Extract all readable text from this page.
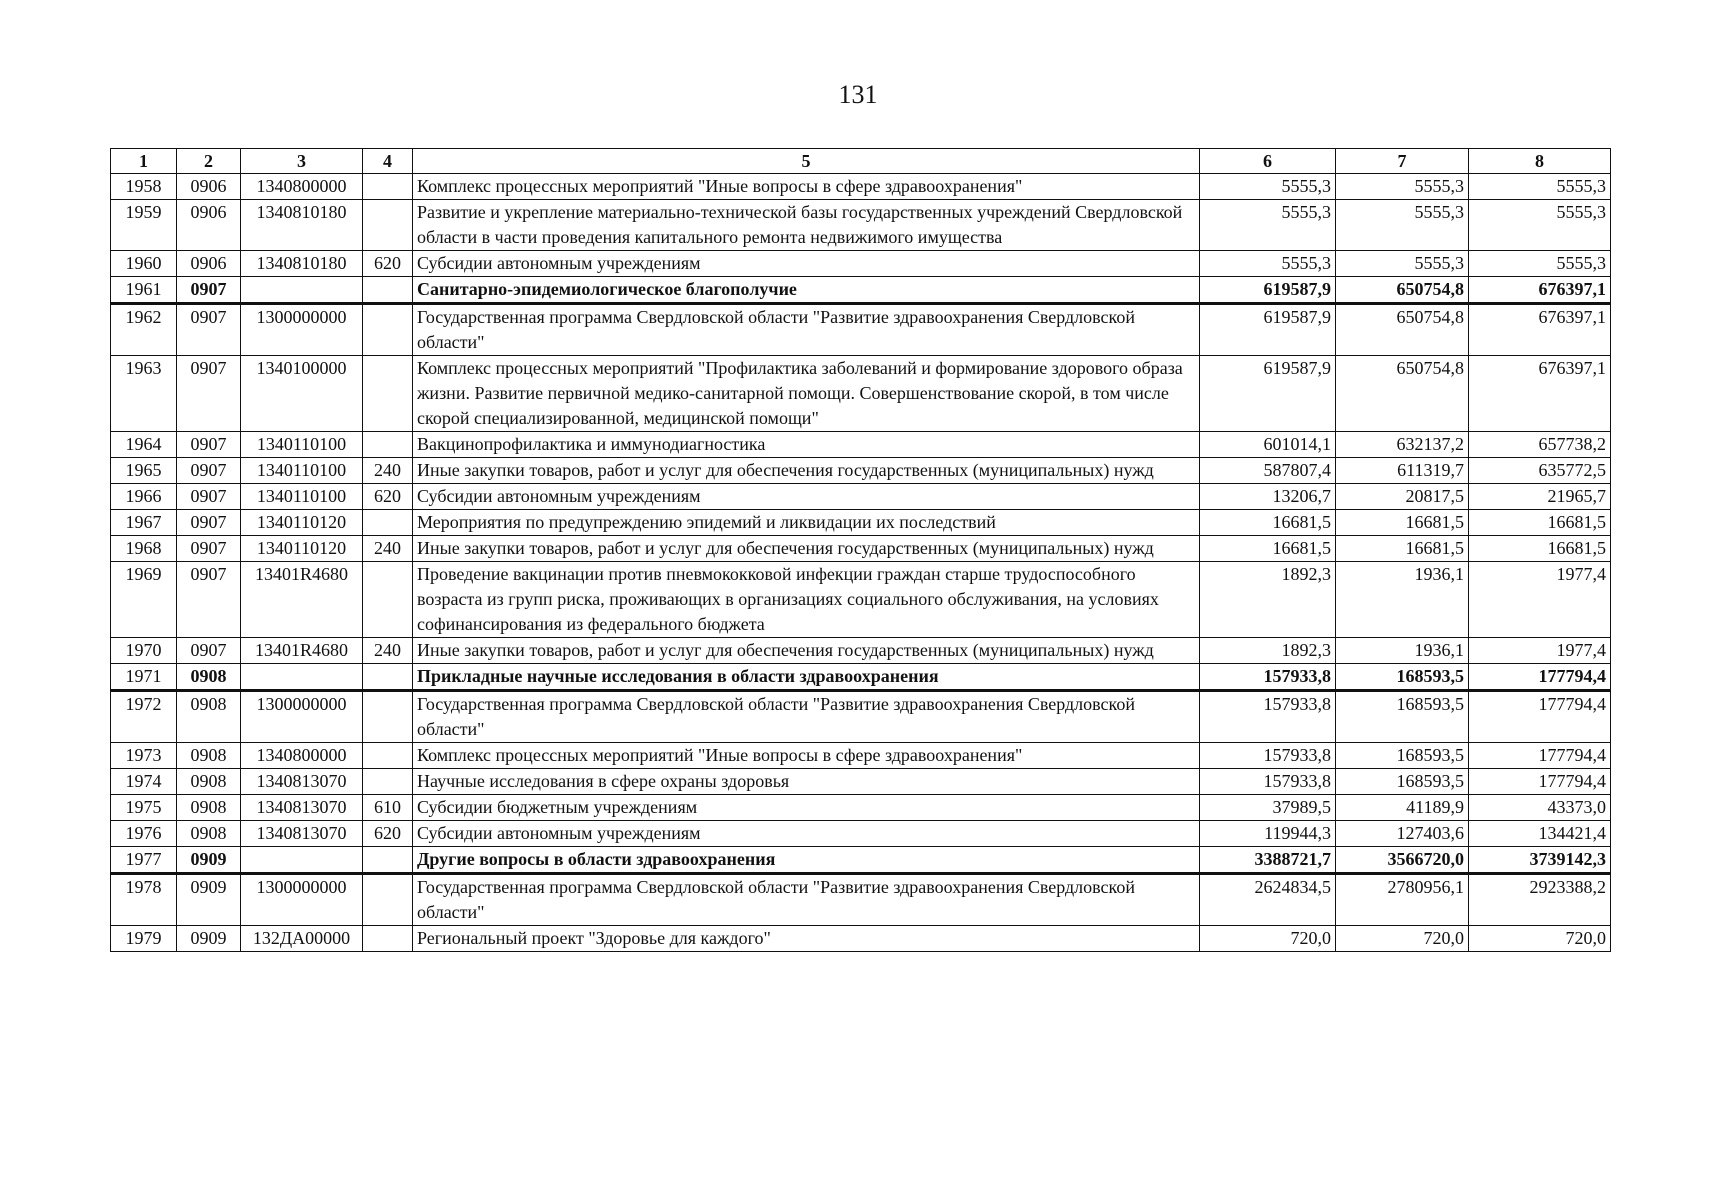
131
1	2	3	4	5	6	7	8
1958	0906	1340800000		Комплекс процессных мероприятий "Иные вопросы в сфере здравоохранения"	5555,3	5555,3	5555,3
1959	0906	1340810180		Развитие и укрепление материально-технической базы государственных учреждений Свердловской области в части проведения капитального ремонта недвижимого имущества	5555,3	5555,3	5555,3
1960	0906	1340810180	620	Субсидии автономным учреждениям	5555,3	5555,3	5555,3
1961	0907			Санитарно-эпидемиологическое благополучие	619587,9	650754,8	676397,1
1962	0907	1300000000		Государственная программа Свердловской области "Развитие здравоохранения Свердловской области"	619587,9	650754,8	676397,1
1963	0907	1340100000		Комплекс процессных мероприятий "Профилактика заболеваний и формирование здорового образа жизни. Развитие первичной медико-санитарной помощи. Совершенствование скорой, в том числе скорой специализированной, медицинской помощи"	619587,9	650754,8	676397,1
1964	0907	1340110100		Вакцинопрофилактика и иммунодиагностика	601014,1	632137,2	657738,2
1965	0907	1340110100	240	Иные закупки товаров, работ и услуг для обеспечения государственных (муниципальных) нужд	587807,4	611319,7	635772,5
1966	0907	1340110100	620	Субсидии автономным учреждениям	13206,7	20817,5	21965,7
1967	0907	1340110120		Мероприятия по предупреждению эпидемий и ликвидации их последствий	16681,5	16681,5	16681,5
1968	0907	1340110120	240	Иные закупки товаров, работ и услуг для обеспечения государственных (муниципальных) нужд	16681,5	16681,5	16681,5
1969	0907	13401R4680		Проведение вакцинации против пневмококковой инфекции граждан старше трудоспособного возраста из групп риска, проживающих в организациях социального обслуживания, на условиях софинансирования из федерального бюджета	1892,3	1936,1	1977,4
1970	0907	13401R4680	240	Иные закупки товаров, работ и услуг для обеспечения государственных (муниципальных) нужд	1892,3	1936,1	1977,4
1971	0908			Прикладные научные исследования в области здравоохранения	157933,8	168593,5	177794,4
1972	0908	1300000000		Государственная программа Свердловской области "Развитие здравоохранения Свердловской области"	157933,8	168593,5	177794,4
1973	0908	1340800000		Комплекс процессных мероприятий "Иные вопросы в сфере здравоохранения"	157933,8	168593,5	177794,4
1974	0908	1340813070		Научные исследования в сфере охраны здоровья	157933,8	168593,5	177794,4
1975	0908	1340813070	610	Субсидии бюджетным учреждениям	37989,5	41189,9	43373,0
1976	0908	1340813070	620	Субсидии автономным учреждениям	119944,3	127403,6	134421,4
1977	0909			Другие вопросы в области здравоохранения	3388721,7	3566720,0	3739142,3
1978	0909	1300000000		Государственная программа Свердловской области "Развитие здравоохранения Свердловской области"	2624834,5	2780956,1	2923388,2
1979	0909	132ДА00000		Региональный проект "Здоровье для каждого"	720,0	720,0	720,0
